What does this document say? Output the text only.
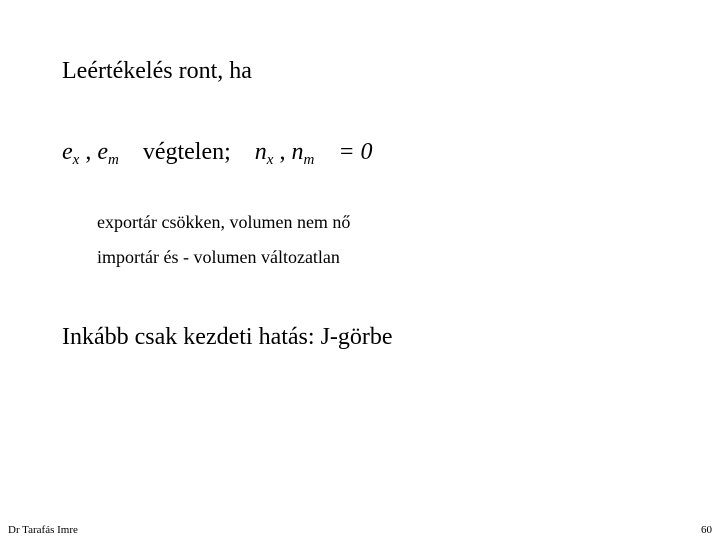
Leértékelés ront, ha
$e_x$ , $e_m$ végtelen; $n_x$ , $n_m = 0$
exportár csökken, volumen nem nő
importár és - volumen változatlan
Inkább csak kezdeti hatás: J-görbe
Dr Tarafás Imre	60
